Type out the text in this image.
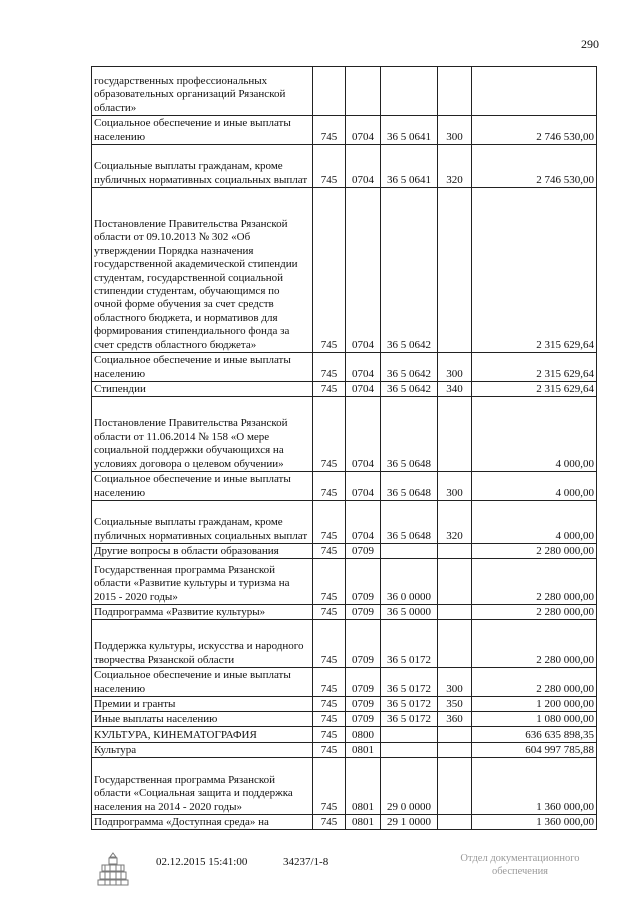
290
государственных профессиональных образовательных организаций Рязанской области»					
Социальное обеспечение и иные выплаты населению	745	0704	36 5 0641	300	2 746 530,00
Социальные выплаты гражданам, кроме публичных нормативных социальных выплат	745	0704	36 5 0641	320	2 746 530,00
Постановление Правительства Рязанской области от 09.10.2013 № 302 «Об утверждении Порядка назначения государственной академической стипендии студентам, государственной социальной стипендии студентам, обучающимся по очной форме обучения за счет средств областного бюджета, и нормативов для формирования стипендиального фонда за счет средств областного бюджета»	745	0704	36 5 0642		2 315 629,64
Социальное обеспечение и иные выплаты населению	745	0704	36 5 0642	300	2 315 629,64
Стипендии	745	0704	36 5 0642	340	2 315 629,64
Постановление Правительства Рязанской области от 11.06.2014 № 158 «О мере социальной поддержки обучающихся на условиях договора о целевом обучении»	745	0704	36 5 0648		4 000,00
Социальное обеспечение и иные выплаты населению	745	0704	36 5 0648	300	4 000,00
Социальные выплаты гражданам, кроме публичных нормативных социальных выплат	745	0704	36 5 0648	320	4 000,00
Другие вопросы в области образования	745	0709			2 280 000,00
Государственная программа Рязанской области «Развитие культуры и туризма на 2015 - 2020 годы»	745	0709	36 0 0000		2 280 000,00
Подпрограмма «Развитие культуры»	745	0709	36 5 0000		2 280 000,00
Поддержка культуры, искусства и народного творчества Рязанской области	745	0709	36 5 0172		2 280 000,00
Социальное обеспечение и иные выплаты населению	745	0709	36 5 0172	300	2 280 000,00
Премии и гранты	745	0709	36 5 0172	350	1 200 000,00
Иные выплаты населению	745	0709	36 5 0172	360	1 080 000,00
КУЛЬТУРА, КИНЕМАТОГРАФИЯ	745	0800			636 635 898,35
Культура	745	0801			604 997 785,88
Государственная программа Рязанской области «Социальная защита и поддержка населения на 2014 - 2020 годы»	745	0801	29 0 0000		1 360 000,00
Подпрограмма «Доступная среда» на	745	0801	29 1 0000		1 360 000,00
02.12.2015 15:41:00	34237/1-8	Отдел документационного обеспечения
